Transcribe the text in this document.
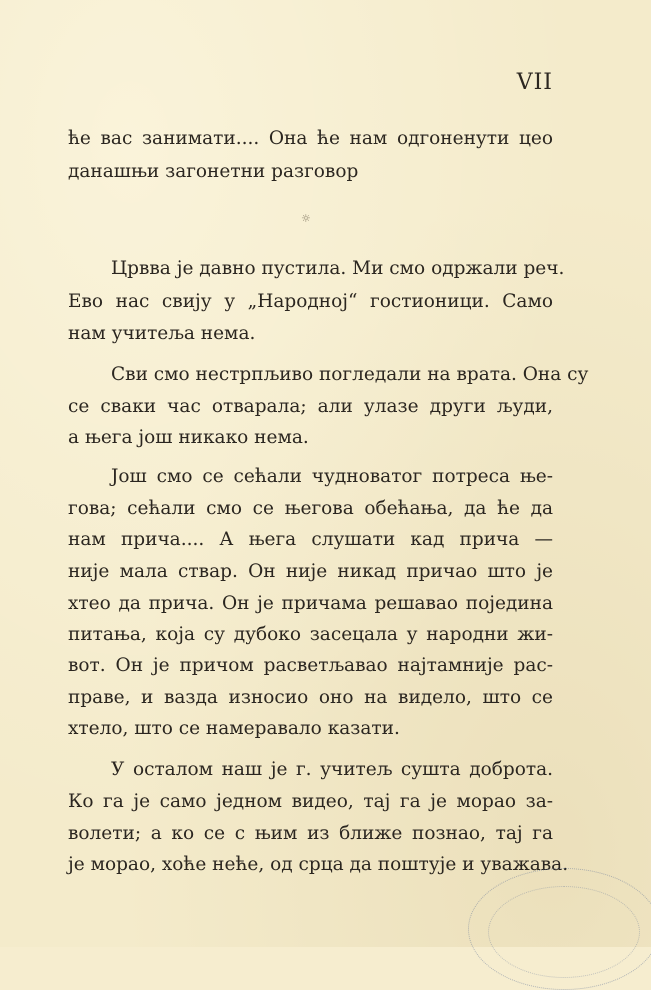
VII
ће вас занимати.... Она ће нам одгоненути цео
данашњи загонетни разговор
☼
Црвва је давно пустила. Ми смо одржали реч.
Ево нас свију у „Народној“ гостионици. Само
нам учитеља нема.
Сви смо нестрпљиво погледали на врата. Она су
се сваки час отварала; али улазе други људи,
а њега још никако нема.
Још смо се сећали чудноватог потреса ње-
гова; сећали смо се његова обећања, да ће да
нам прича.... А њега слушати кад прича —
није мала ствар. Он није никад причао што је
хтео да прича. Он је причама решавао поједина
питања, која су дубоко засецала у народни жи-
вот. Он је причом расветљавао најтамније рас-
праве, и вазда износио оно на видело, што се
хтело, што се намеравало казати.
У осталом наш је г. учитељ сушта доброта.
Ко га је само једном видео, тај га је морао за-
волети; а ко се с њим из ближе познао, тај га
је морао, хоће неће, од срца да поштује и уважава.
